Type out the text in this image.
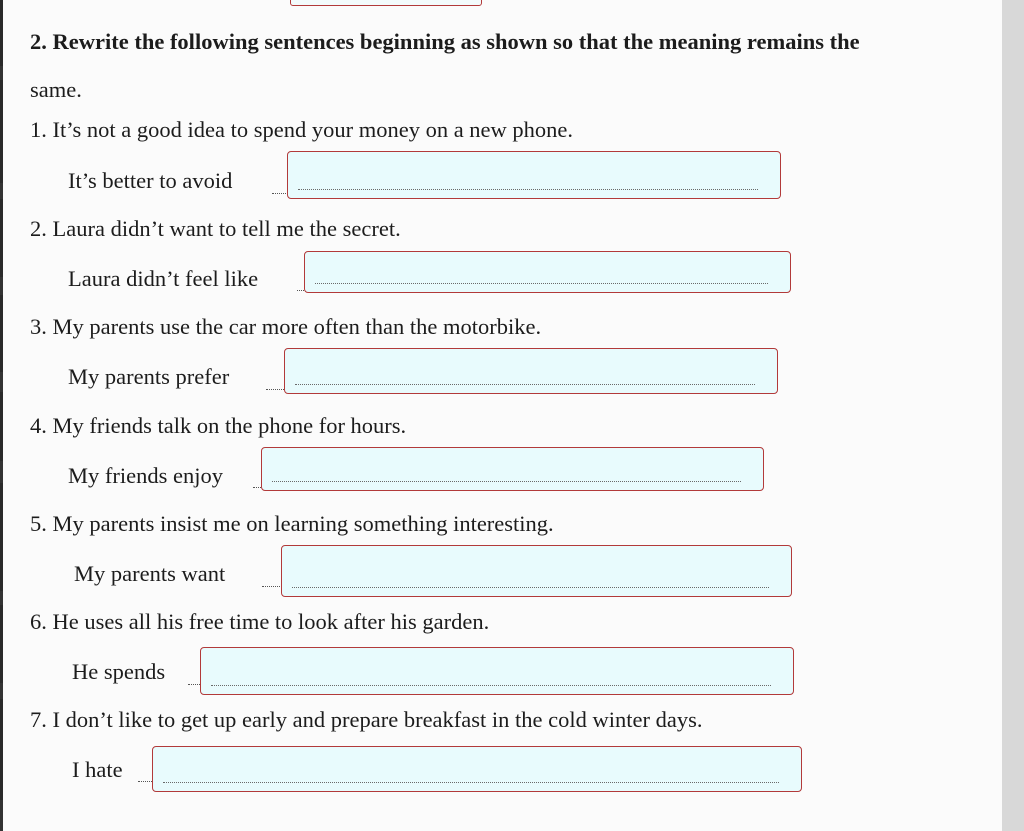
2. Rewrite the following sentences beginning as shown so that the meaning remains the
same.
1. It’s not a good idea to spend your money on a new phone.
It’s better to avoid
2. Laura didn’t want to tell me the secret.
Laura didn’t feel like
3. My parents use the car more often than the motorbike.
My parents prefer
4. My friends talk on the phone for hours.
My friends enjoy
5. My parents insist me on learning something interesting.
My parents want
6. He uses all his free time to look after his garden.
He spends
7. I don’t like to get up early and prepare breakfast in the cold winter days.
I hate
